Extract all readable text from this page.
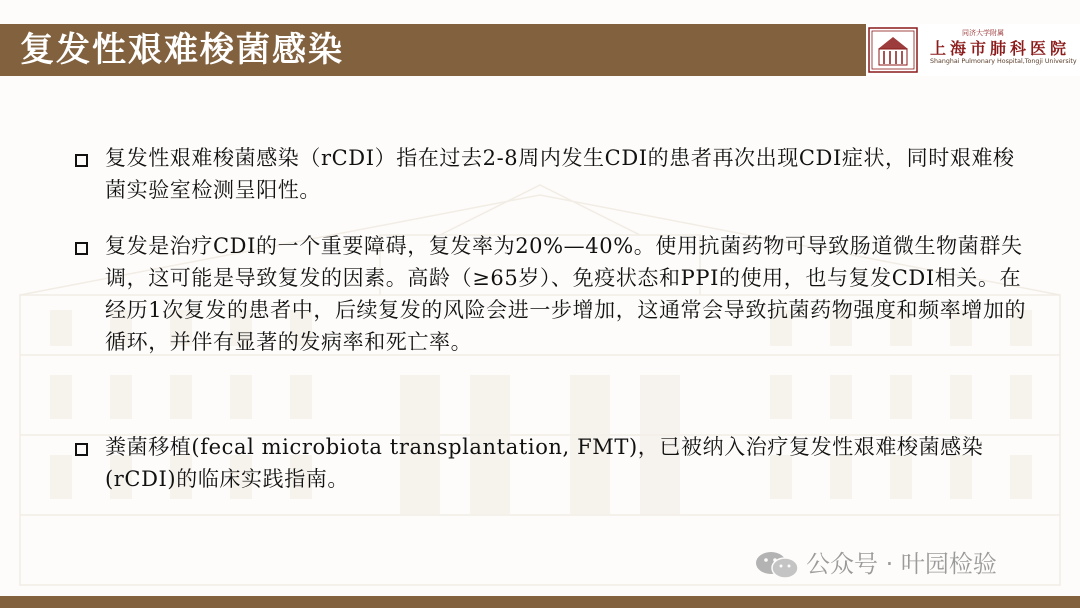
复发性艰难梭菌感染	同济大学附属
上海市肺科医院
Shanghai Pulmonary Hospital,Tongji University
复发性艰难梭菌感染（rCDI）指在过去2-8周内发生CDI的患者再次出现CDI症状，同时艰难梭菌实验室检测呈阳性。
复发是治疗CDI的一个重要障碍，复发率为20%—40%。使用抗菌药物可导致肠道微生物菌群失调，这可能是导致复发的因素。高龄（≥65岁）、免疫状态和PPI的使用，也与复发CDI相关。在经历1次复发的患者中，后续复发的风险会进一步增加，这通常会导致抗菌药物强度和频率增加的循环，并伴有显著的发病率和死亡率。
粪菌移植(fecal microbiota transplantation, FMT)，已被纳入治疗复发性艰难梭菌感染(rCDI)的临床实践指南。
公众号 · 叶园检验
